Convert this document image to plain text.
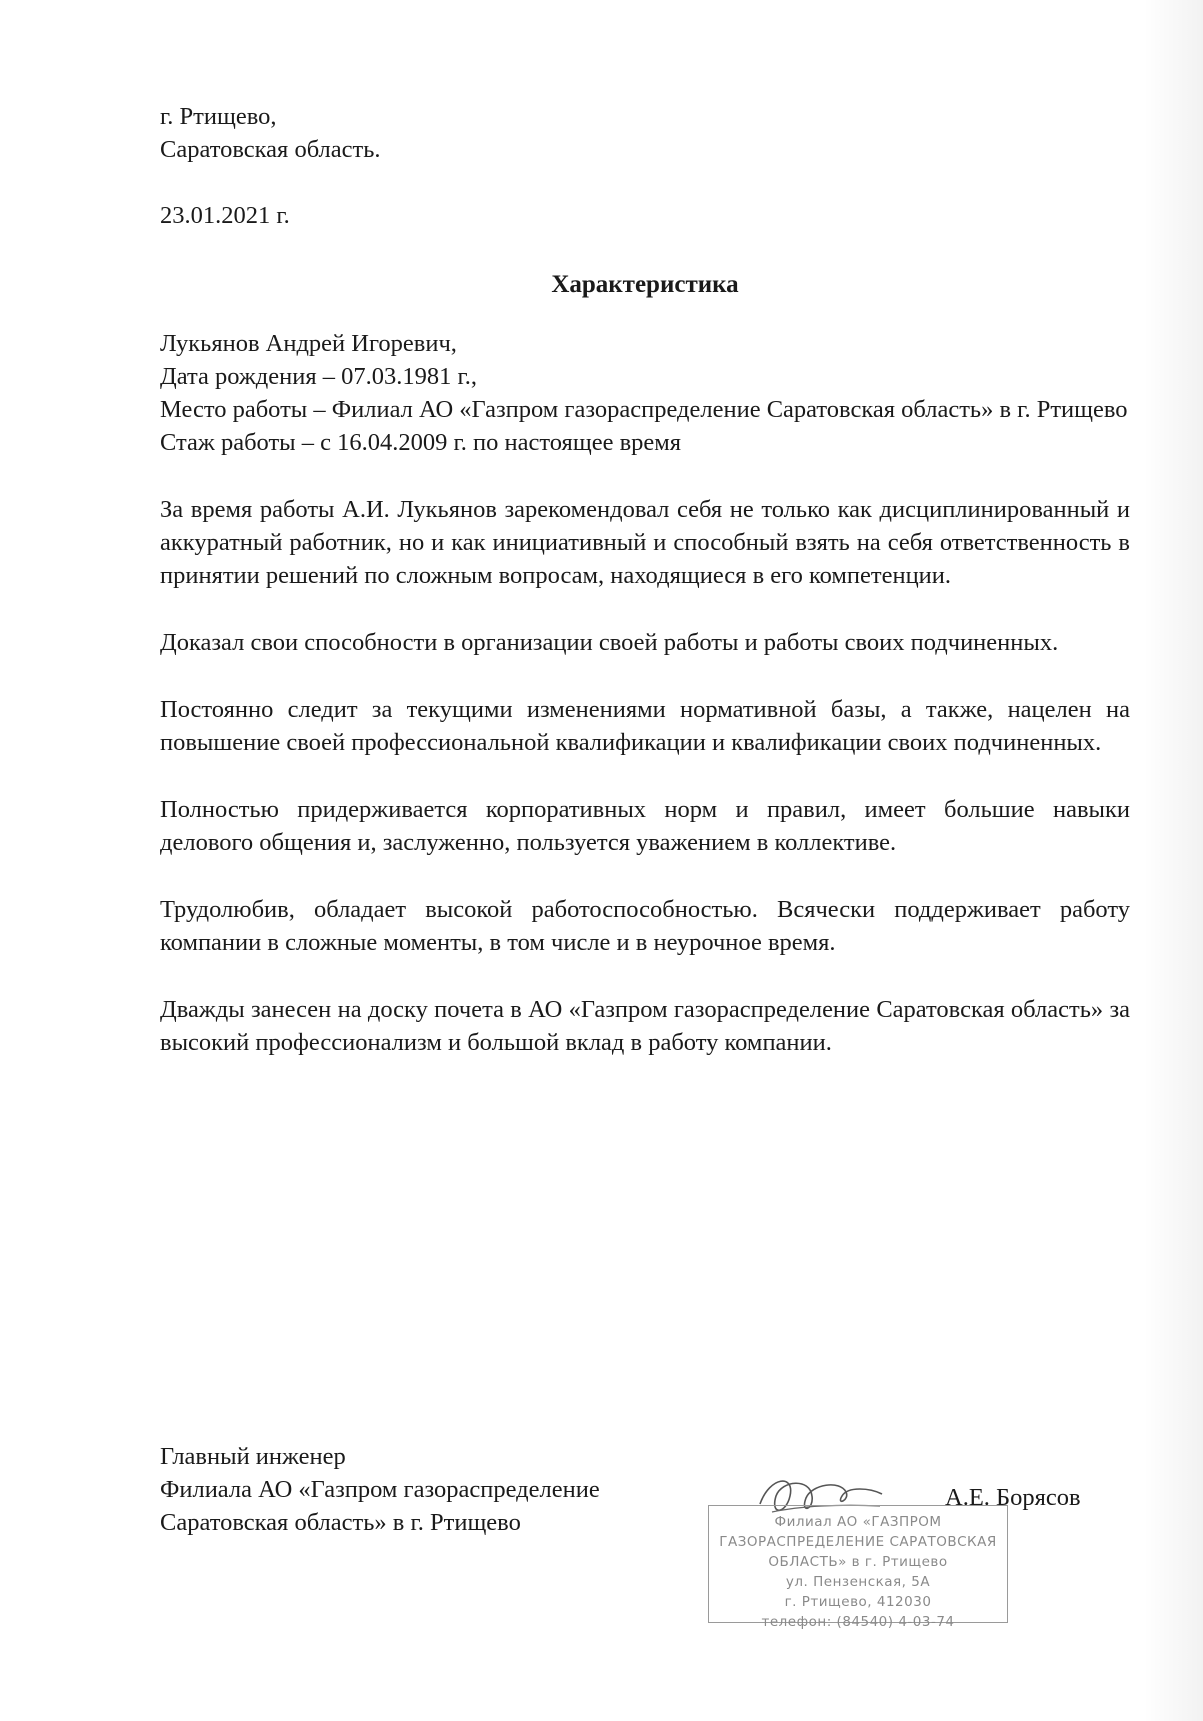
г. Ртищево,

Саратовская область.

23.01.2021 г.

Характеристика

Лукьянов Андрей Игоревич,

Дата рождения – 07.03.1981 г.,

Место работы – Филиал АО «Газпром газораспределение Саратовская область» в г. Ртищево

Стаж работы – с 16.04.2009 г. по настоящее время

За время работы А.И. Лукьянов зарекомендовал себя не только как дисциплинированный и аккуратный работник, но и как инициативный и способный взять на себя ответственность в принятии решений по сложным вопросам, находящиеся в его компетенции.

Доказал свои способности в организации своей работы и работы своих подчиненных.

Постоянно следит за текущими изменениями нормативной базы, а также, нацелен на повышение своей профессиональной квалификации и квалификации своих подчиненных.

Полностью придерживается корпоративных норм и правил, имеет большие навыки делового общения и, заслуженно, пользуется уважением в коллективе.

Трудолюбив, обладает высокой работоспособностью. Всячески поддерживает работу компании в сложные моменты, в том числе и в неурочное время.

Дважды занесен на доску почета в АО «Газпром газораспределение Саратовская область» за высокий профессионализм и большой вклад в работу компании.

Главный инженер

Филиала АО «Газпром газораспределение

Саратовская область» в г. Ртищево

А.Е. Борясов
Филиал АО «ГАЗПРОМ
ГАЗОРАСПРЕДЕЛЕНИЕ САРАТОВСКАЯ
ОБЛАСТЬ» в г. Ртищево
ул. Пензенская, 5А
г. Ртищево, 412030
телефон: (84540) 4-03-74
